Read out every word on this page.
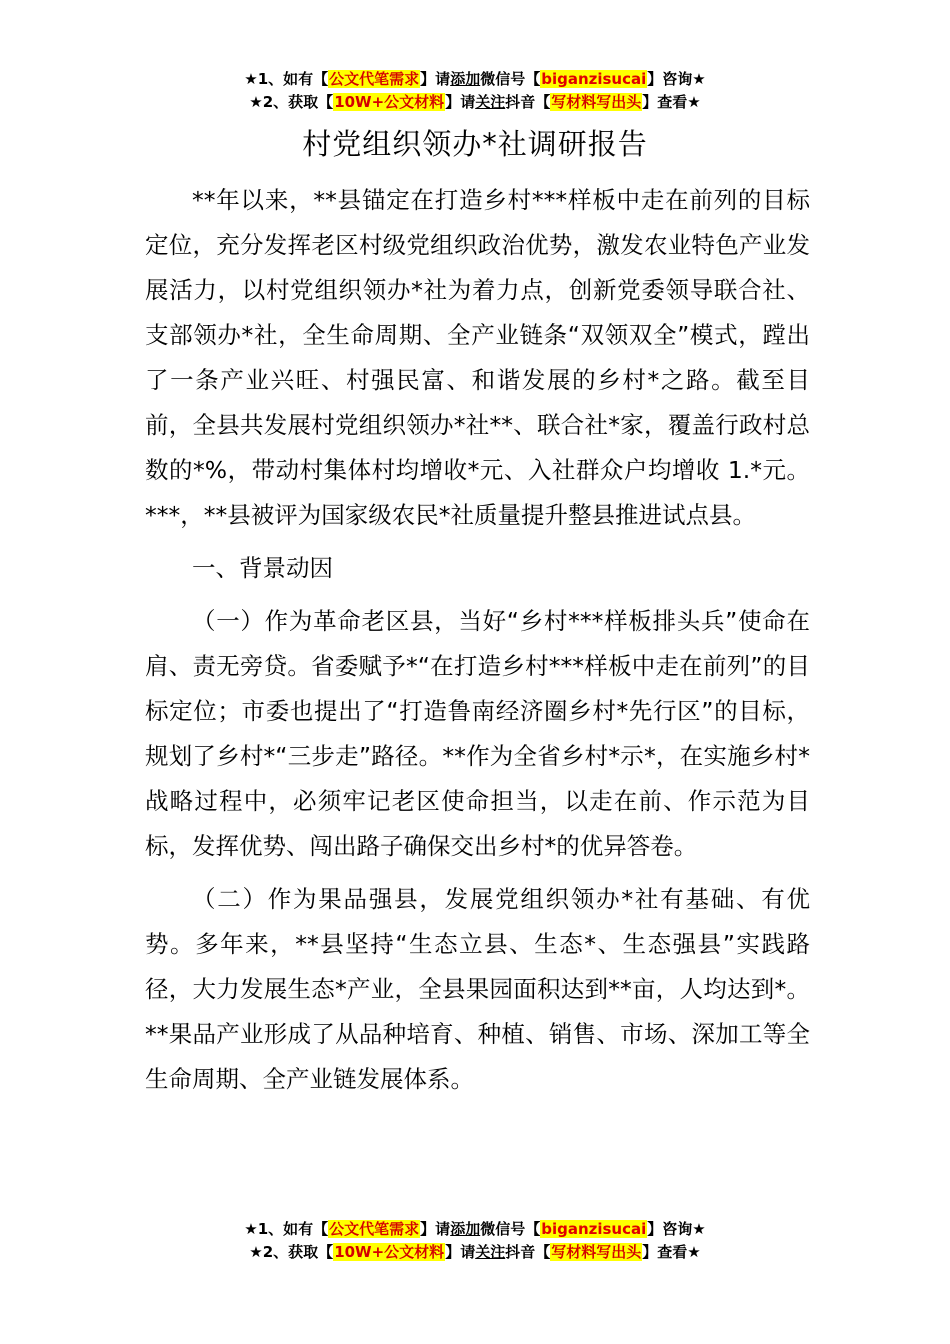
★1、如有【公文代笔需求】请添加微信号【biganzisucai】咨询★
★2、获取【10W+公文材料】请关注抖音【写材料写出头】查看★
村党组织领办*社调研报告

**年以来，**县锚定在打造乡村***样板中走在前列的目标定位，充分发挥老区村级党组织政治优势，激发农业特色产业发展活力，以村党组织领办*社为着力点，创新党委领导联合社、支部领办*社，全生命周期、全产业链条“双领双全”模式，蹚出了一条产业兴旺、村强民富、和谐发展的乡村*之路。截至目前，全县共发展村党组织领办*社**、联合社*家，覆盖行政村总数的*%，带动村集体村均增收*元、入社群众户均增收 1.*元。***，**县被评为国家级农民*社质量提升整县推进试点县。

一、背景动因

（一）作为革命老区县，当好“乡村***样板排头兵”使命在肩、责无旁贷。省委赋予*“在打造乡村***样板中走在前列”的目标定位；市委也提出了“打造鲁南经济圈乡村*先行区”的目标，规划了乡村*“三步走”路径。**作为全省乡村*示*，在实施乡村*战略过程中，必须牢记老区使命担当，以走在前、作示范为目标，发挥优势、闯出路子确保交出乡村*的优异答卷。

（二）作为果品强县，发展党组织领办*社有基础、有优势。多年来，**县坚持“生态立县、生态*、生态强县”实践路径，大力发展生态*产业，全县果园面积达到**亩，人均达到*。**果品产业形成了从品种培育、种植、销售、市场、深加工等全生命周期、全产业链发展体系。

★1、如有【公文代笔需求】请添加微信号【biganzisucai】咨询★
★2、获取【10W+公文材料】请关注抖音【写材料写出头】查看★
